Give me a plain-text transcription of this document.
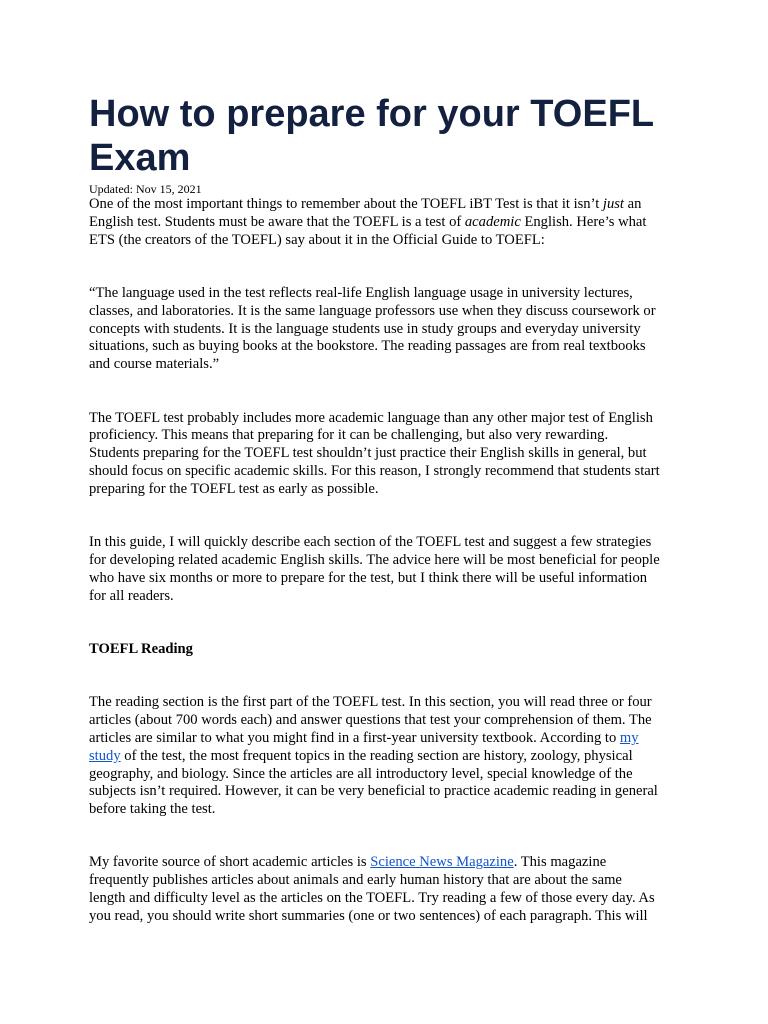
How to prepare for your TOEFL
Exam
Updated: Nov 15, 2021

One of the most important things to remember about the TOEFL iBT Test is that it isn’t just an
English test. Students must be aware that the TOEFL is a test of academic English. Here’s what
ETS (the creators of the TOEFL) say about it in the Official Guide to TOEFL:

“The language used in the test reflects real-life English language usage in university lectures,
classes, and laboratories. It is the same language professors use when they discuss coursework or
concepts with students. It is the language students use in study groups and everyday university
situations, such as buying books at the bookstore. The reading passages are from real textbooks
and course materials.”

The TOEFL test probably includes more academic language than any other major test of English
proficiency. This means that preparing for it can be challenging, but also very rewarding.
Students preparing for the TOEFL test shouldn’t just practice their English skills in general, but
should focus on specific academic skills. For this reason, I strongly recommend that students start
preparing for the TOEFL test as early as possible.

In this guide, I will quickly describe each section of the TOEFL test and suggest a few strategies
for developing related academic English skills. The advice here will be most beneficial for people
who have six months or more to prepare for the test, but I think there will be useful information
for all readers.

TOEFL Reading

The reading section is the first part of the TOEFL test. In this section, you will read three or four
articles (about 700 words each) and answer questions that test your comprehension of them. The
articles are similar to what you might find in a first-year university textbook. According to my
study of the test, the most frequent topics in the reading section are history, zoology, physical
geography, and biology. Since the articles are all introductory level, special knowledge of the
subjects isn’t required. However, it can be very beneficial to practice academic reading in general
before taking the test.

My favorite source of short academic articles is Science News Magazine. This magazine
frequently publishes articles about animals and early human history that are about the same
length and difficulty level as the articles on the TOEFL. Try reading a few of those every day. As
you read, you should write short summaries (one or two sentences) of each paragraph. This will
